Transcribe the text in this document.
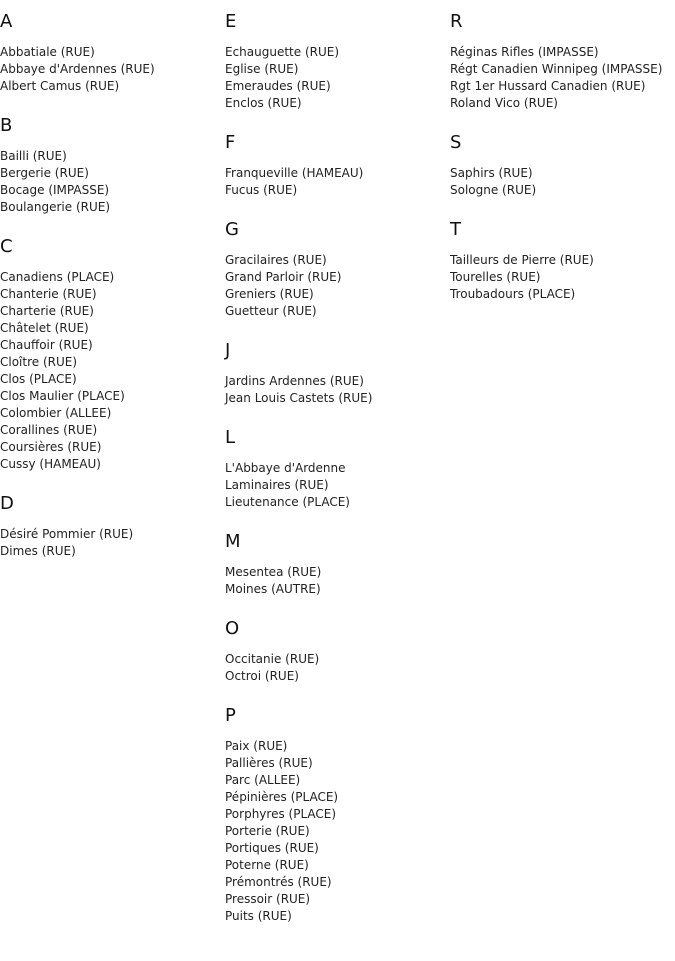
A
Abbatiale (RUE)
Abbaye d'Ardennes (RUE)
Albert Camus (RUE)
B
Bailli (RUE)
Bergerie (RUE)
Bocage (IMPASSE)
Boulangerie (RUE)
C
Canadiens (PLACE)
Chanterie (RUE)
Charterie (RUE)
Châtelet (RUE)
Chauffoir (RUE)
Cloître (RUE)
Clos (PLACE)
Clos Maulier (PLACE)
Colombier (ALLEE)
Corallines (RUE)
Coursières (RUE)
Cussy (HAMEAU)
D
Désiré Pommier (RUE)
Dimes (RUE)
E
Echauguette (RUE)
Eglise (RUE)
Emeraudes (RUE)
Enclos (RUE)
F
Franqueville (HAMEAU)
Fucus (RUE)
G
Gracilaires (RUE)
Grand Parloir (RUE)
Greniers (RUE)
Guetteur (RUE)
J
Jardins Ardennes (RUE)
Jean Louis Castets (RUE)
L
L'Abbaye d'Ardenne
Laminaires (RUE)
Lieutenance (PLACE)
M
Mesentea (RUE)
Moines (AUTRE)
O
Occitanie (RUE)
Octroi (RUE)
P
Paix (RUE)
Pallières (RUE)
Parc (ALLEE)
Pépinières (PLACE)
Porphyres (PLACE)
Porterie (RUE)
Portiques (RUE)
Poterne (RUE)
Prémontrés (RUE)
Pressoir (RUE)
Puits (RUE)
R
Réginas Rifles (IMPASSE)
Régt Canadien Winnipeg (IMPASSE)
Rgt 1er Hussard Canadien (RUE)
Roland Vico (RUE)
S
Saphirs (RUE)
Sologne (RUE)
T
Tailleurs de Pierre (RUE)
Tourelles (RUE)
Troubadours (PLACE)
